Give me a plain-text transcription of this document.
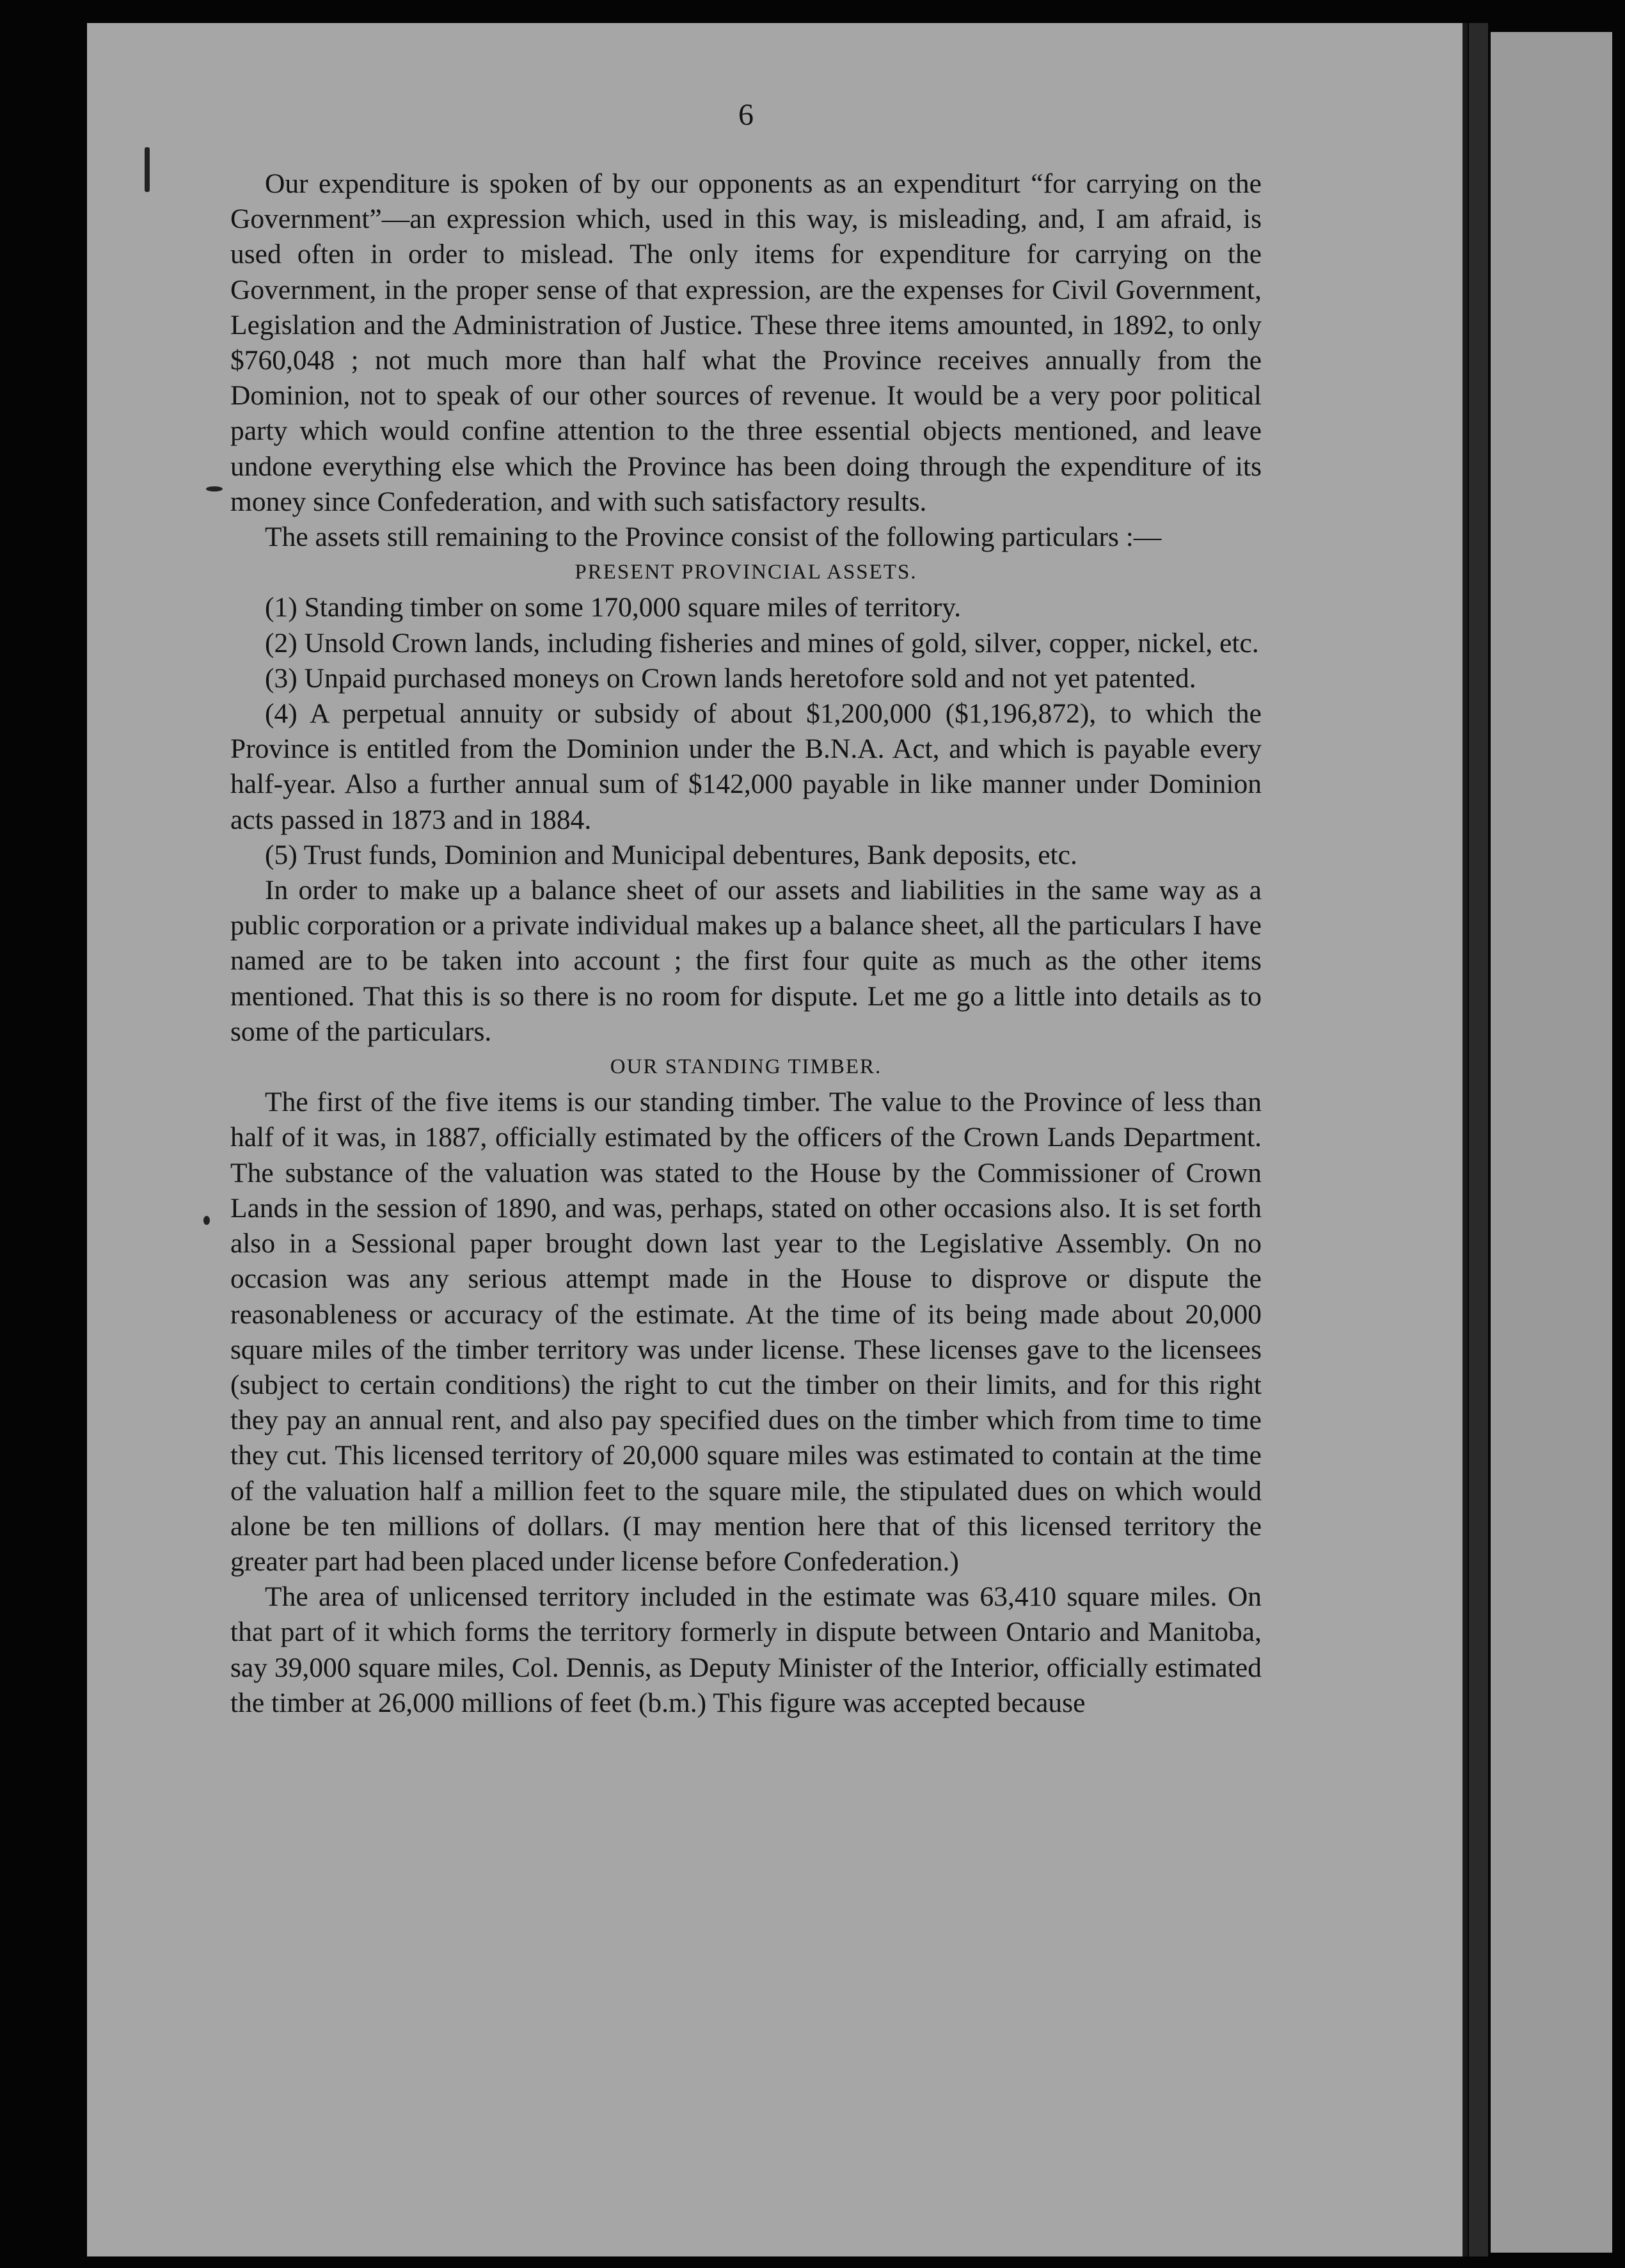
6

Our expenditure is spoken of by our opponents as an expenditurt “for carrying on the Government”—an expression which, used in this way, is misleading, and, I am afraid, is used often in order to mislead. The only items for expenditure for carrying on the Government, in the proper sense of that expression, are the expenses for Civil Government, Legislation and the Administration of Justice. These three items amounted, in 1892, to only $760,048 ; not much more than half what the Province receives annually from the Dominion, not to speak of our other sources of revenue. It would be a very poor political party which would confine attention to the three essential objects mentioned, and leave undone everything else which the Province has been doing through the expenditure of its money since Confederation, and with such satisfactory results.

The assets still remaining to the Province consist of the following particulars :—

PRESENT PROVINCIAL ASSETS.

(1) Standing timber on some 170,000 square miles of territory.

(2) Unsold Crown lands, including fisheries and mines of gold, silver, copper, nickel, etc.

(3) Unpaid purchased moneys on Crown lands heretofore sold and not yet patented.

(4) A perpetual annuity or subsidy of about $1,200,000 ($1,196,872), to which the Province is entitled from the Dominion under the B.N.A. Act, and which is payable every half-year. Also a further annual sum of $142,000 payable in like manner under Dominion acts passed in 1873 and in 1884.

(5) Trust funds, Dominion and Municipal debentures, Bank deposits, etc.

In order to make up a balance sheet of our assets and liabilities in the same way as a public corporation or a private individual makes up a balance sheet, all the particulars I have named are to be taken into account ; the first four quite as much as the other items mentioned. That this is so there is no room for dispute. Let me go a little into details as to some of the particulars.

OUR STANDING TIMBER.

The first of the five items is our standing timber. The value to the Province of less than half of it was, in 1887, officially estimated by the officers of the Crown Lands Department. The substance of the valuation was stated to the House by the Commissioner of Crown Lands in the session of 1890, and was, perhaps, stated on other occasions also. It is set forth also in a Sessional paper brought down last year to the Legislative Assembly. On no occasion was any serious attempt made in the House to disprove or dispute the reasonableness or accuracy of the estimate. At the time of its being made about 20,000 square miles of the timber territory was under license. These licenses gave to the licensees (subject to certain conditions) the right to cut the timber on their limits, and for this right they pay an annual rent, and also pay specified dues on the timber which from time to time they cut. This licensed territory of 20,000 square miles was estimated to contain at the time of the valuation half a million feet to the square mile, the stipulated dues on which would alone be ten millions of dollars. (I may mention here that of this licensed territory the greater part had been placed under license before Confederation.)

The area of unlicensed territory included in the estimate was 63,410 square miles. On that part of it which forms the territory formerly in dispute between Ontario and Manitoba, say 39,000 square miles, Col. Dennis, as Deputy Minister of the Interior, officially estimated the timber at 26,000 millions of feet (b.m.) This figure was accepted because
